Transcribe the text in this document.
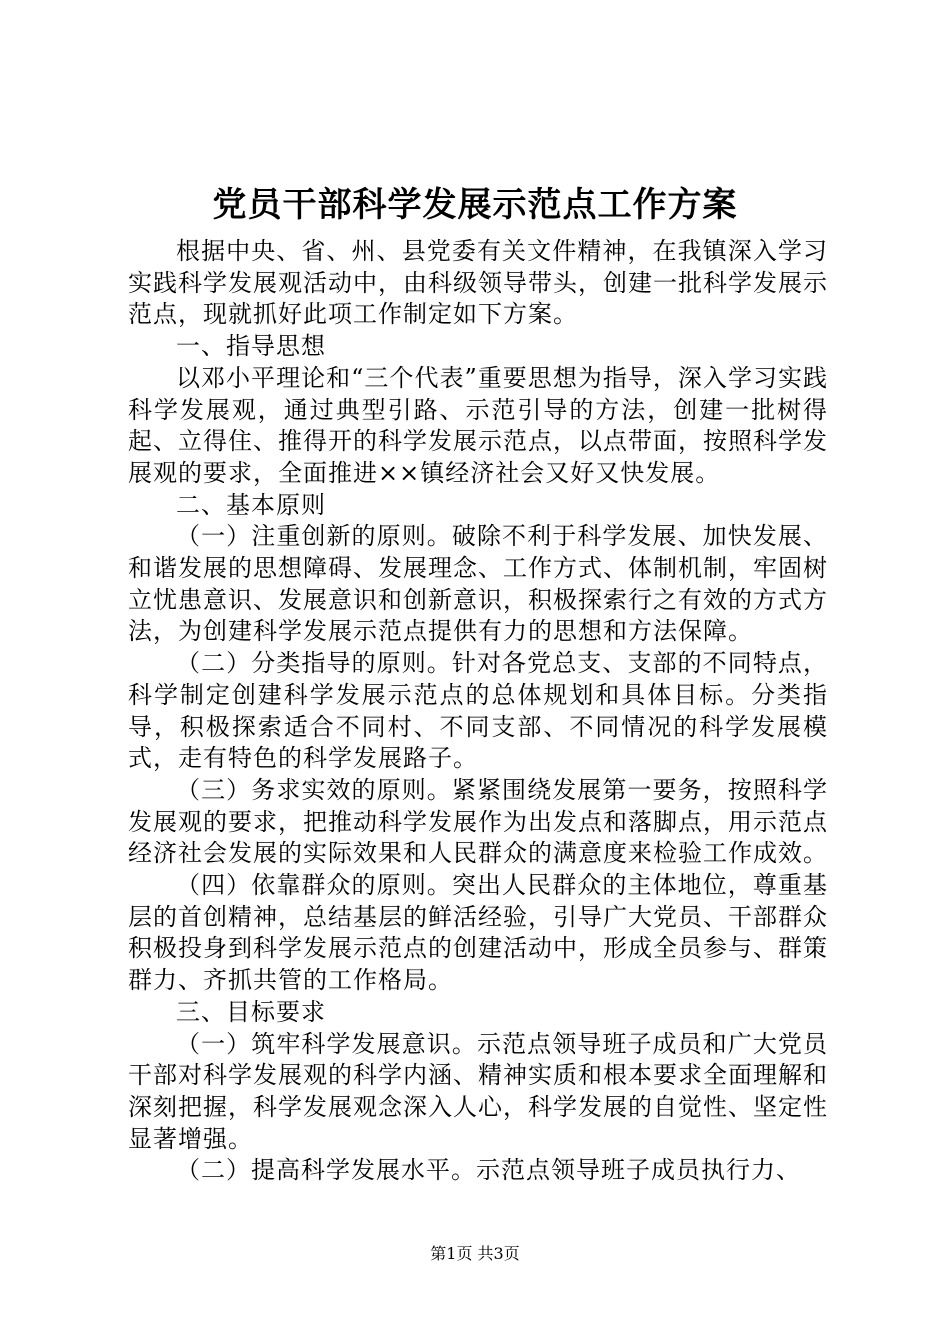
党员干部科学发展示范点工作方案

根据中央、省、州、县党委有关文件精神，在我镇深入学习实践科学发展观活动中，由科级领导带头，创建一批科学发展示范点，现就抓好此项工作制定如下方案。

一、指导思想

以邓小平理论和“三个代表”重要思想为指导，深入学习实践科学发展观，通过典型引路、示范引导的方法，创建一批树得起、立得住、推得开的科学发展示范点，以点带面，按照科学发展观的要求，全面推进××镇经济社会又好又快发展。

二、基本原则

（一）注重创新的原则。破除不利于科学发展、加快发展、和谐发展的思想障碍、发展理念、工作方式、体制机制，牢固树立忧患意识、发展意识和创新意识，积极探索行之有效的方式方法，为创建科学发展示范点提供有力的思想和方法保障。

（二）分类指导的原则。针对各党总支、支部的不同特点，科学制定创建科学发展示范点的总体规划和具体目标。分类指导，积极探索适合不同村、不同支部、不同情况的科学发展模式，走有特色的科学发展路子。

（三）务求实效的原则。紧紧围绕发展第一要务，按照科学发展观的要求，把推动科学发展作为出发点和落脚点，用示范点经济社会发展的实际效果和人民群众的满意度来检验工作成效。

（四）依靠群众的原则。突出人民群众的主体地位，尊重基层的首创精神，总结基层的鲜活经验，引导广大党员、干部群众积极投身到科学发展示范点的创建活动中，形成全员参与、群策群力、齐抓共管的工作格局。

三、目标要求

（一）筑牢科学发展意识。示范点领导班子成员和广大党员干部对科学发展观的科学内涵、精神实质和根本要求全面理解和深刻把握，科学发展观念深入人心，科学发展的自觉性、坚定性显著增强。

（二）提高科学发展水平。示范点领导班子成员执行力、

第1页 共3页
